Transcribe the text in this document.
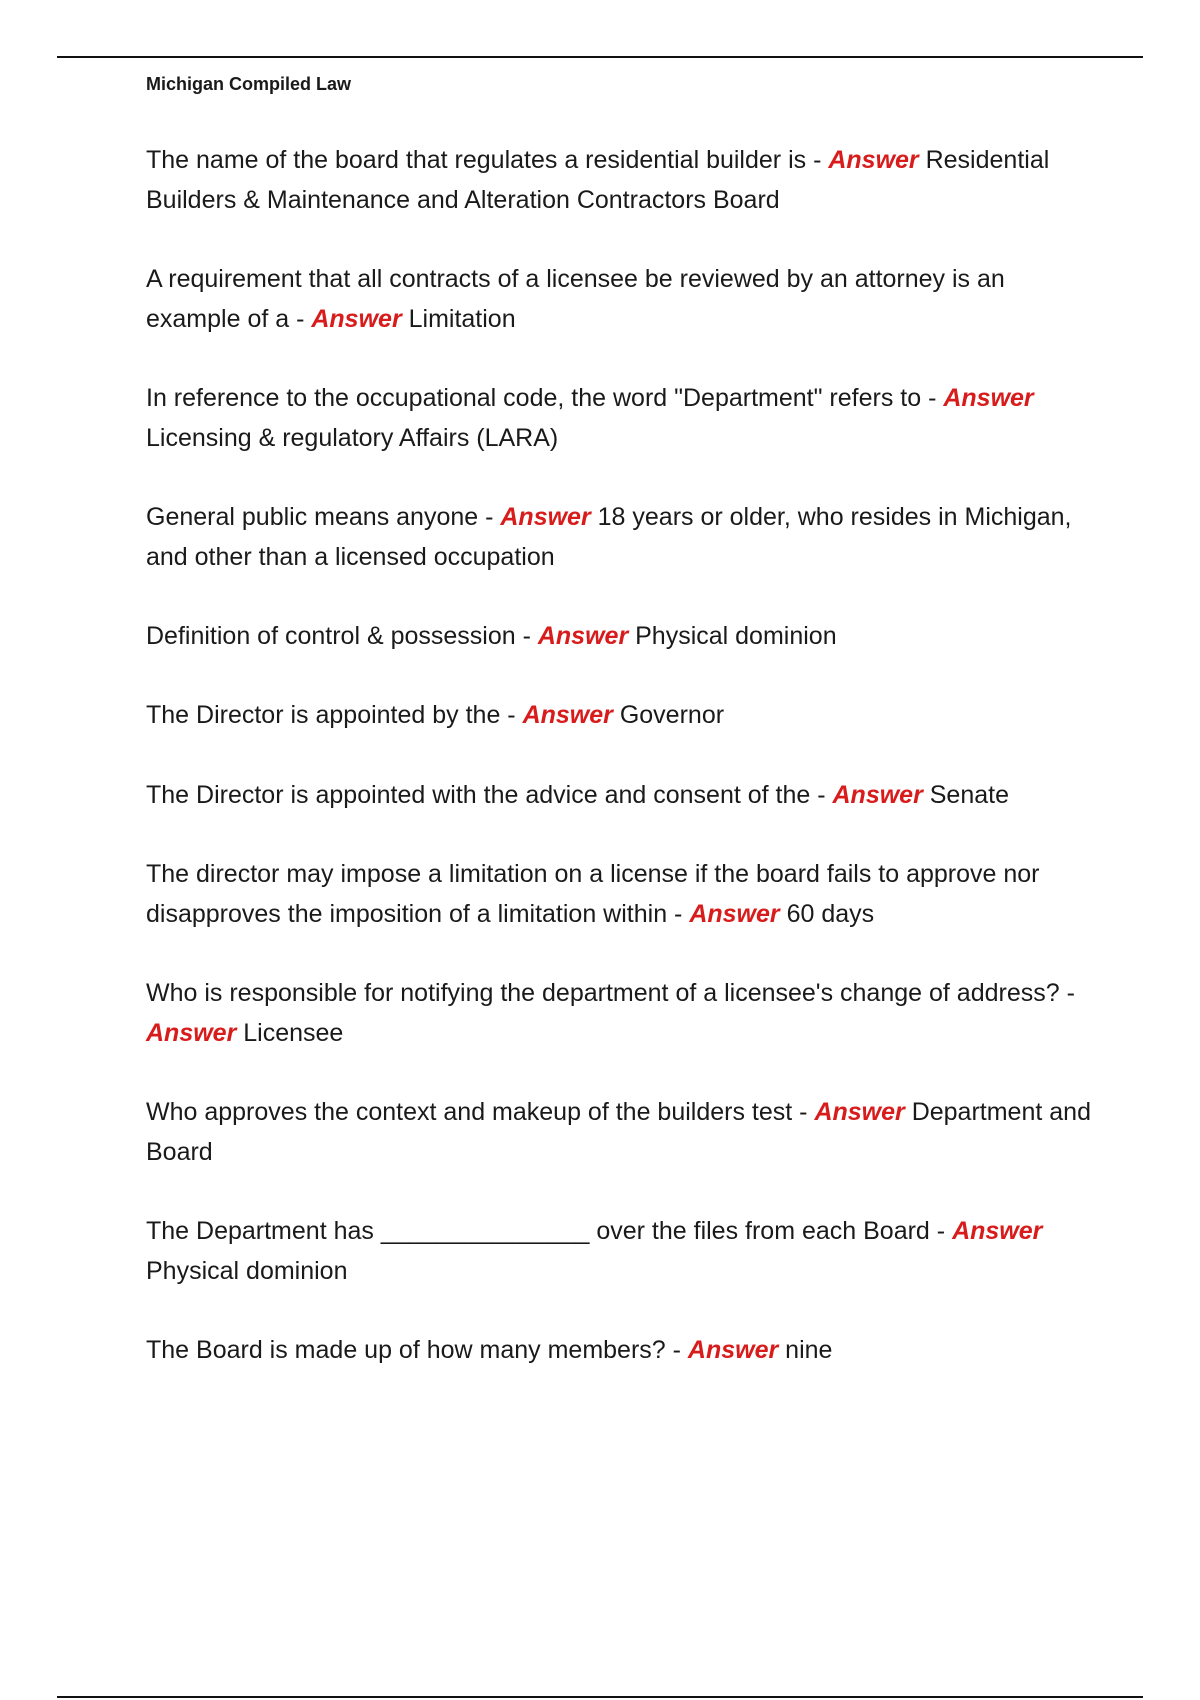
Michigan Compiled Law
The name of the board that regulates a residential builder is - Answer Residential Builders & Maintenance and Alteration Contractors Board
A requirement that all contracts of a licensee be reviewed by an attorney is an example of a - Answer Limitation
In reference to the occupational code, the word "Department" refers to - Answer Licensing & regulatory Affairs (LARA)
General public means anyone - Answer 18 years or older, who resides in Michigan, and other than a licensed occupation
Definition of control & possession - Answer Physical dominion
The Director is appointed by the - Answer Governor
The Director is appointed with the advice and consent of the - Answer Senate
The director may impose a limitation on a license if the board fails to approve nor disapproves the imposition of a limitation within - Answer 60 days
Who is responsible for notifying the department of a licensee's change of address? - Answer Licensee
Who approves the context and makeup of the builders test - Answer Department and Board
The Department has _______________ over the files from each Board - Answer Physical dominion
The Board is made up of how many members? - Answer nine
